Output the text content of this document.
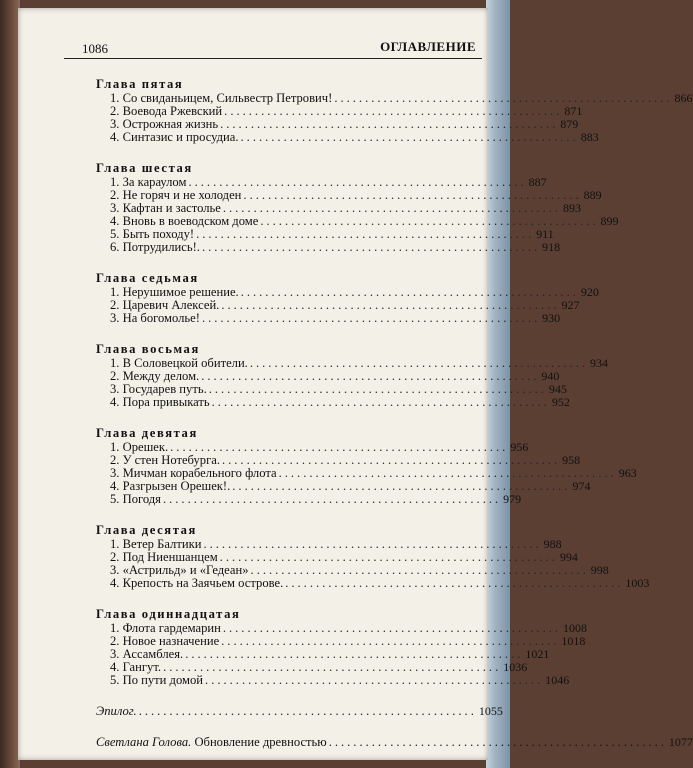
1086	ОГЛАВЛЕНИЕ
Глава пятая
1. Со свиданьицем, Сильвестр Петрович! ....................................................... 866
2. Воевода Ржевский ....................................................... 871
3. Острожная жизнь ....................................................... 879
4. Синтазис и просудиа. ....................................................... 883
Глава шестая
1. За караулом ....................................................... 887
2. Не горяч и не холоден ....................................................... 889
3. Кафтан и застолье ....................................................... 893
4. Вновь в воеводском доме ....................................................... 899
5. Быть походу! ....................................................... 911
6. Потрудились!. ....................................................... 918
Глава седьмая
1. Нерушимое решение. ....................................................... 920
2. Царевич Алексей. ....................................................... 927
3. На богомолье! ....................................................... 930
Глава восьмая
1. В Соловецкой обители. ....................................................... 934
2. Между делом. ....................................................... 940
3. Государев путь. ....................................................... 945
4. Пора привыкать ....................................................... 952
Глава девятая
1. Орешек. ....................................................... 956
2. У стен Нотебурга. ....................................................... 958
3. Мичман корабельного флота ....................................................... 963
4. Разгрызен Орешек!. ....................................................... 974
5. Погодя ....................................................... 979
Глава десятая
1. Ветер Балтики ....................................................... 988
2. Под Ниеншанцем ....................................................... 994
3. «Астрильд» и «Гедеан» ....................................................... 998
4. Крепость на Заячьем острове. ....................................................... 1003
Глава одиннадцатая
1. Флота гардемарин ....................................................... 1008
2. Новое назначение ....................................................... 1018
3. Ассамблея. ....................................................... 1021
4. Гангут. ....................................................... 1036
5. По пути домой ....................................................... 1046
Эпилог. ....................................................... 1055
Светлана Голова. Обновление древностью ....................................................... 1077
